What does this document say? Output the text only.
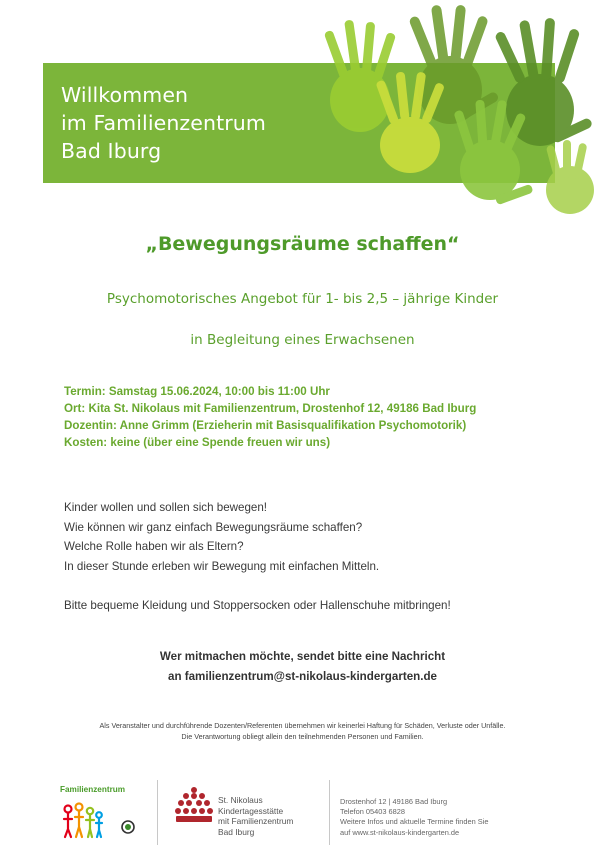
Willkommen
im Familienzentrum
Bad Iburg
„Bewegungsräume schaffen“
Psychomotorisches Angebot für 1- bis 2,5 – jährige Kinder
in Begleitung eines Erwachsenen
Termin: Samstag 15.06.2024, 10:00 bis 11:00 Uhr
Ort: Kita St. Nikolaus mit Familienzentrum, Drostenhof 12, 49186 Bad Iburg
Dozentin: Anne Grimm (Erzieherin mit Basisqualifikation Psychomotorik)
Kosten: keine (über eine Spende freuen wir uns)
Kinder wollen und sollen sich bewegen!
Wie können wir ganz einfach Bewegungsräume schaffen?
Welche Rolle haben wir als Eltern?
In dieser Stunde erleben wir Bewegung mit einfachen Mitteln.
Bitte bequeme Kleidung und Stoppersocken oder Hallenschuhe mitbringen!
Wer mitmachen möchte, sendet bitte eine Nachricht
an familienzentrum@st-nikolaus-kindergarten.de
Als Veranstalter und durchführende Dozenten/Referenten übernehmen wir keinerlei Haftung für Schäden, Verluste oder Unfälle.
Die Verantwortung obliegt allein den teilnehmenden Personen und Familien.
Familienzentrum
St. Nikolaus
Kindertagesstätte
mit Familienzentrum
Bad Iburg
Drostenhof 12 | 49186 Bad Iburg
Telefon 05403 6828
Weitere Infos und aktuelle Termine finden Sie
auf www.st-nikolaus-kindergarten.de
